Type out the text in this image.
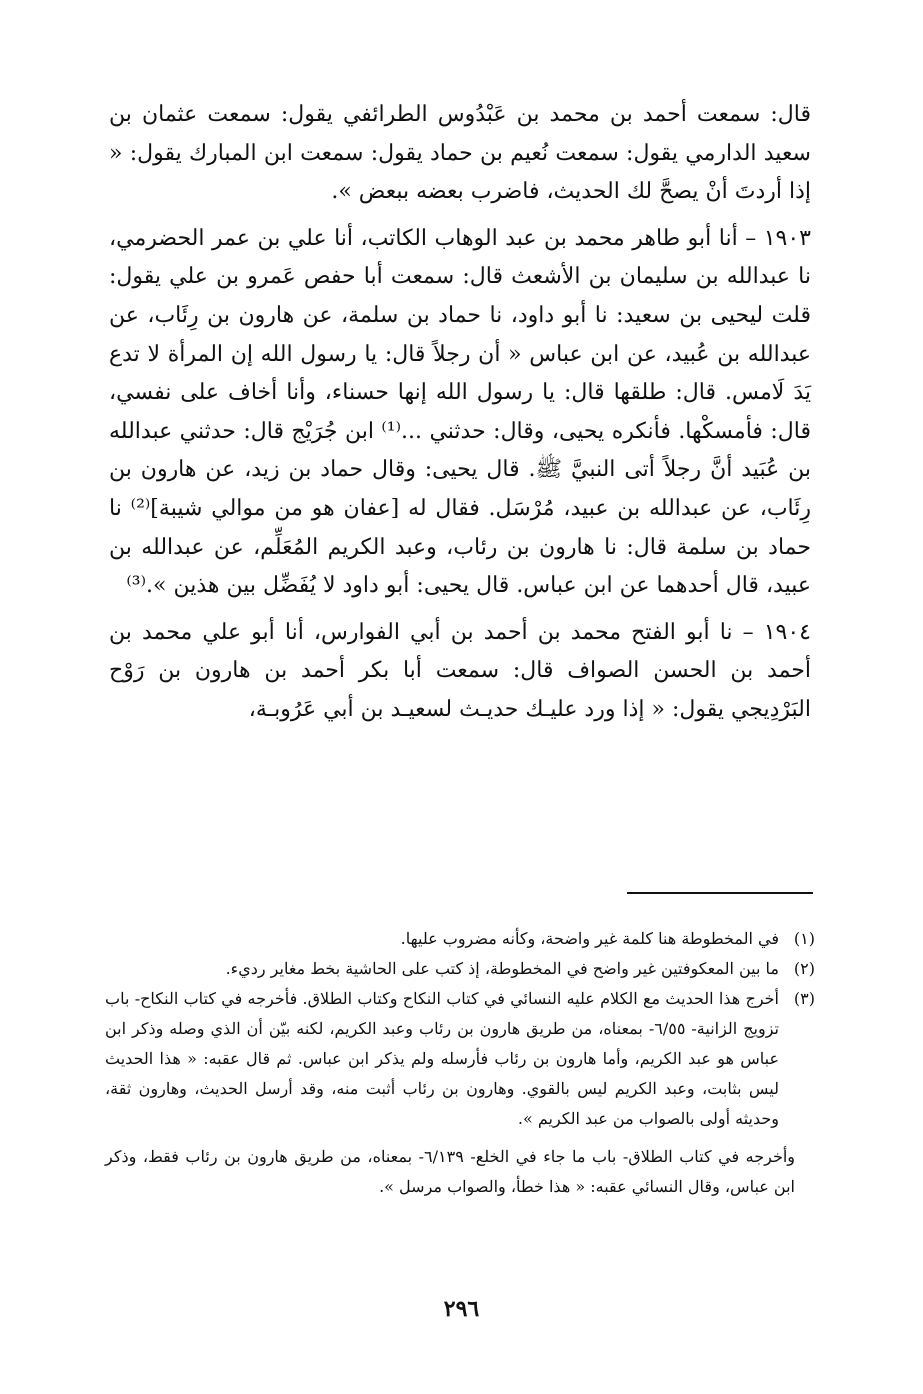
قال: سمعت أحمد بن محمد بن عَبْدُوس الطرائفي يقول: سمعت عثمان بن سعيد الدارمي يقول: سمعت نُعيم بن حماد يقول: سمعت ابن المبارك يقول: « إذا أردتَ أنْ يصحَّ لك الحديث، فاضرب بعضه ببعض ».

١٩٠٣ – أنا أبو طاهر محمد بن عبد الوهاب الكاتب، أنا علي بن عمر الحضرمي، نا عبدالله بن سليمان بن الأشعث قال: سمعت أبا حفص عَمرو بن علي يقول: قلت ليحيى بن سعيد: نا أبو داود، نا حماد بن سلمة، عن هارون بن رِئَاب، عن عبدالله بن عُبيد، عن ابن عباس « أن رجلاً قال: يا رسول الله إن المرأة لا تدع يَدَ لَامس. قال: طلقها قال: يا رسول الله إنها حسناء، وأنا أخاف على نفسي، قال: فأمسكْها. فأنكره يحيى، وقال: حدثني ...⁽¹⁾ ابن جُرَيْج قال: حدثني عبدالله بن عُبَيد أنَّ رجلاً أتى النبيَّ ﷺ. قال يحيى: وقال حماد بن زيد، عن هارون بن رِئَاب، عن عبدالله بن عبيد، مُرْسَل. فقال له [عفان هو من موالي شيبة]⁽²⁾ نا حماد بن سلمة قال: نا هارون بن رئاب، وعبد الكريم المُعَلِّم، عن عبدالله بن عبيد، قال أحدهما عن ابن عباس. قال يحيى: أبو داود لا يُفَضِّل بين هذين ».⁽³⁾

١٩٠٤ – نا أبو الفتح محمد بن أحمد بن أبي الفوارس، أنا أبو علي محمد بن أحمد بن الحسن الصواف قال: سمعت أبا بكر أحمد بن هارون بن رَوْح البَرْدِيجي يقول: « إذا ورد عليـك حديـث لسعيـد بن أبي عَرُوبـة،

(١)
في المخطوطة هنا كلمة غير واضحة، وكأنه مضروب عليها.
(٢)
ما بين المعكوفتين غير واضح في المخطوطة، إذ كتب على الحاشية بخط مغاير رديء.
(٣)
أخرج هذا الحديث مع الكلام عليه النسائي في كتاب النكاح وكتاب الطلاق. فأخرجه في كتاب النكاح- باب تزويج الزانية- ٦/٥٥- بمعناه، من طريق هارون بن رئاب وعبد الكريم، لكنه بيّن أن الذي وصله وذكر ابن عباس هو عبد الكريم، وأما هارون بن رئاب فأرسله ولم يذكر ابن عباس. ثم قال عقبه: « هذا الحديث ليس بثابت، وعبد الكريم ليس بالقوي. وهارون بن رئاب أثبت منه، وقد أرسل الحديث، وهارون ثقة، وحديثه أولى بالصواب من عبد الكريم ».
وأخرجه في كتاب الطلاق- باب ما جاء في الخلع- ٦/١٣٩- بمعناه، من طريق هارون بن رئاب فقط، وذكر ابن عباس، وقال النسائي عقبه: « هذا خطأ، والصواب مرسل ».
٢٩٦
